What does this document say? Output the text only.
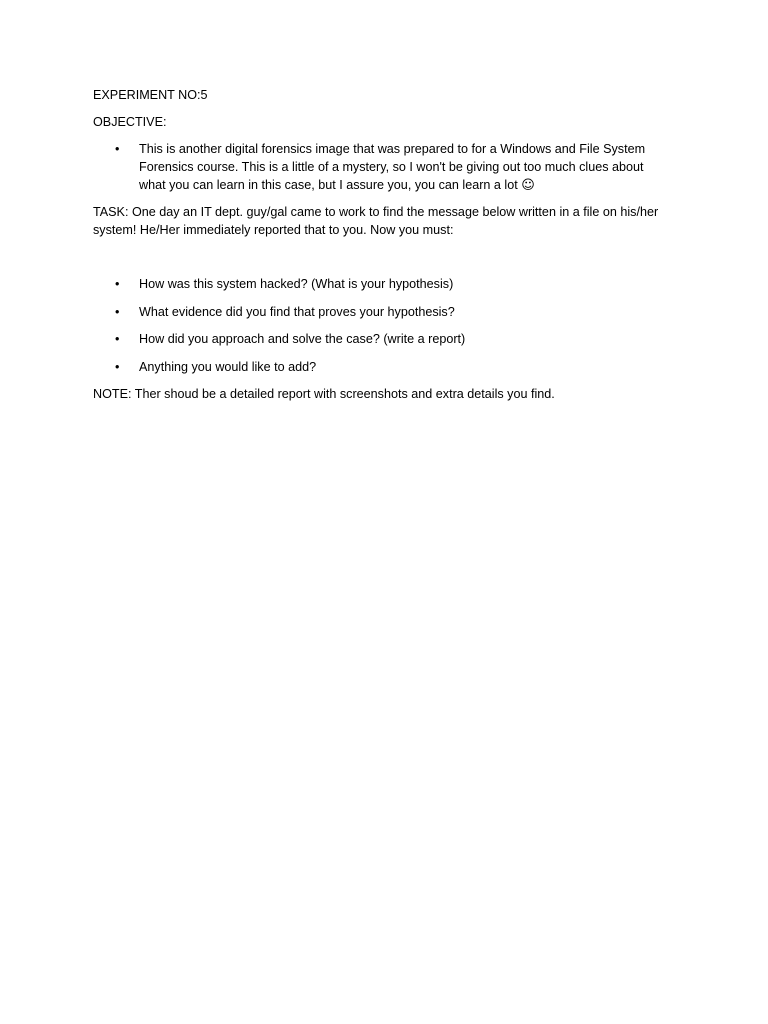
EXPERIMENT NO:5

OBJECTIVE:

• This is another digital forensics image that was prepared to for a Windows and File System Forensics course. This is a little of a mystery, so I won't be giving out too much clues about what you can learn in this case, but I assure you, you can learn a lot ☺

TASK: One day an IT dept. guy/gal came to work to find the message below written in a file on his/her system! He/Her immediately reported that to you. Now you must:

• How was this system hacked? (What is your hypothesis)
• What evidence did you find that proves your hypothesis?
• How did you approach and solve the case? (write a report)
• Anything you would like to add?

NOTE: Ther shoud be a detailed report with screenshots and extra details you find.
